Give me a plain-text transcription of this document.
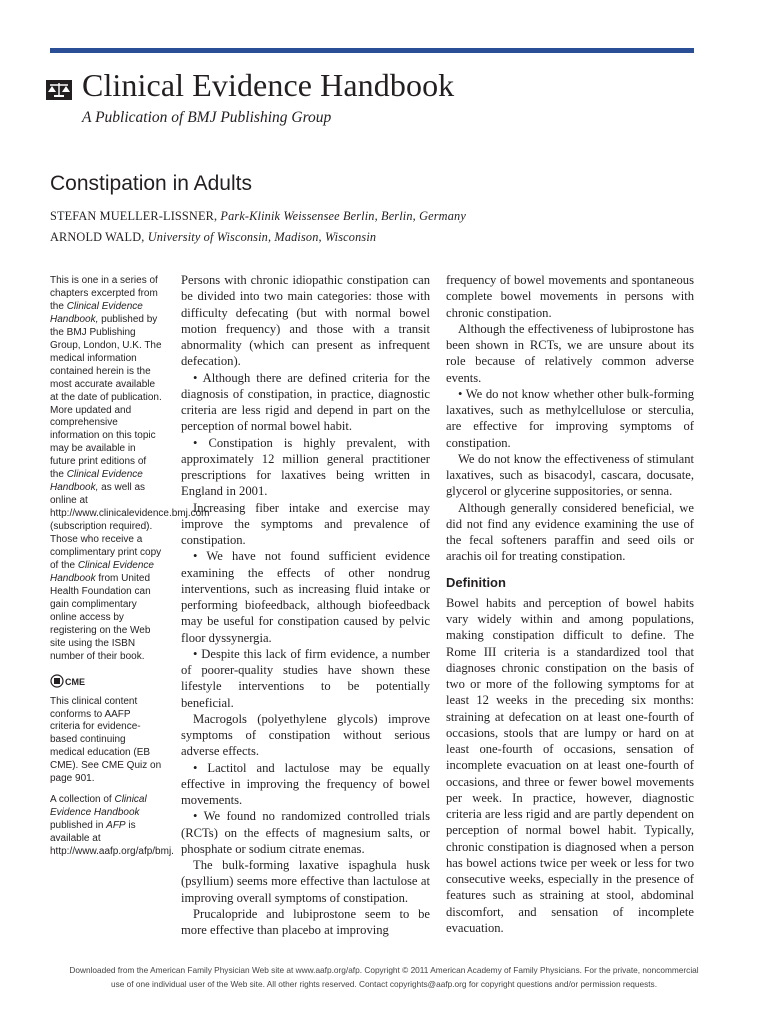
Clinical Evidence Handbook
A Publication of BMJ Publishing Group
Constipation in Adults
STEFAN MUELLER-LISSNER, Park-Klinik Weissensee Berlin, Berlin, Germany
ARNOLD WALD, University of Wisconsin, Madison, Wisconsin

This is one in a series of chapters excerpted from the Clinical Evidence Handbook, published by the BMJ Publishing Group, London, U.K. The medical information contained herein is the most accurate available at the date of publication. More updated and comprehensive information on this topic may be available in future print editions of the Clinical Evidence Handbook, as well as online at http://www.clinicalevidence.bmj.com (subscription required). Those who receive a complimentary print copy of the Clinical Evidence Handbook from United Health Foundation can gain complimentary online access by registering on the Web site using the ISBN number of their book.

CME

This clinical content conforms to AAFP criteria for evidence-based continuing medical education (EB CME). See CME Quiz on page 901.

A collection of Clinical Evidence Handbook published in AFP is available at http://www.aafp.org/afp/bmj.

Persons with chronic idiopathic constipation can be divided into two main categories: those with difficulty defecating (but with normal bowel motion frequency) and those with a transit abnormality (which can present as infrequent defecation).

• Although there are defined criteria for the diagnosis of constipation, in practice, diagnostic criteria are less rigid and depend in part on the perception of normal bowel habit.

• Constipation is highly prevalent, with approximately 12 million general practitioner prescriptions for laxatives being written in England in 2001.

Increasing fiber intake and exercise may improve the symptoms and prevalence of constipation.

• We have not found sufficient evidence examining the effects of other nondrug interventions, such as increasing fluid intake or performing biofeedback, although biofeedback may be useful for constipation caused by pelvic floor dyssynergia.

• Despite this lack of firm evidence, a number of poorer-quality studies have shown these lifestyle interventions to be potentially beneficial.

Macrogols (polyethylene glycols) improve symptoms of constipation without serious adverse effects.

• Lactitol and lactulose may be equally effective in improving the frequency of bowel movements.

• We found no randomized controlled trials (RCTs) on the effects of magnesium salts, or phosphate or sodium citrate enemas.

The bulk-forming laxative ispaghula husk (psyllium) seems more effective than lactulose at improving overall symptoms of constipation.

Prucalopride and lubiprostone seem to be more effective than placebo at improving

frequency of bowel movements and spontaneous complete bowel movements in persons with chronic constipation.

Although the effectiveness of lubiprostone has been shown in RCTs, we are unsure about its role because of relatively common adverse events.

• We do not know whether other bulk-forming laxatives, such as methylcellulose or sterculia, are effective for improving symptoms of constipation.

We do not know the effectiveness of stimulant laxatives, such as bisacodyl, cascara, docusate, glycerol or glycerine suppositories, or senna.

Although generally considered beneficial, we did not find any evidence examining the use of the fecal softeners paraffin and seed oils or arachis oil for treating constipation.

Definition

Bowel habits and perception of bowel habits vary widely within and among populations, making constipation difficult to define. The Rome III criteria is a standardized tool that diagnoses chronic constipation on the basis of two or more of the following symptoms for at least 12 weeks in the preceding six months: straining at defecation on at least one-fourth of occasions, stools that are lumpy or hard on at least one-fourth of occasions, sensation of incomplete evacuation on at least one-fourth of occasions, and three or fewer bowel movements per week. In practice, however, diagnostic criteria are less rigid and are partly dependent on perception of normal bowel habit. Typically, chronic constipation is diagnosed when a person has bowel actions twice per week or less for two consecutive weeks, especially in the presence of features such as straining at stool, abdominal discomfort, and sensation of incomplete evacuation.

Downloaded from the American Family Physician Web site at www.aafp.org/afp. Copyright © 2011 American Academy of Family Physicians. For the private, noncommercial

use of one individual user of the Web site. All other rights reserved. Contact copyrights@aafp.org for copyright questions and/or permission requests.
